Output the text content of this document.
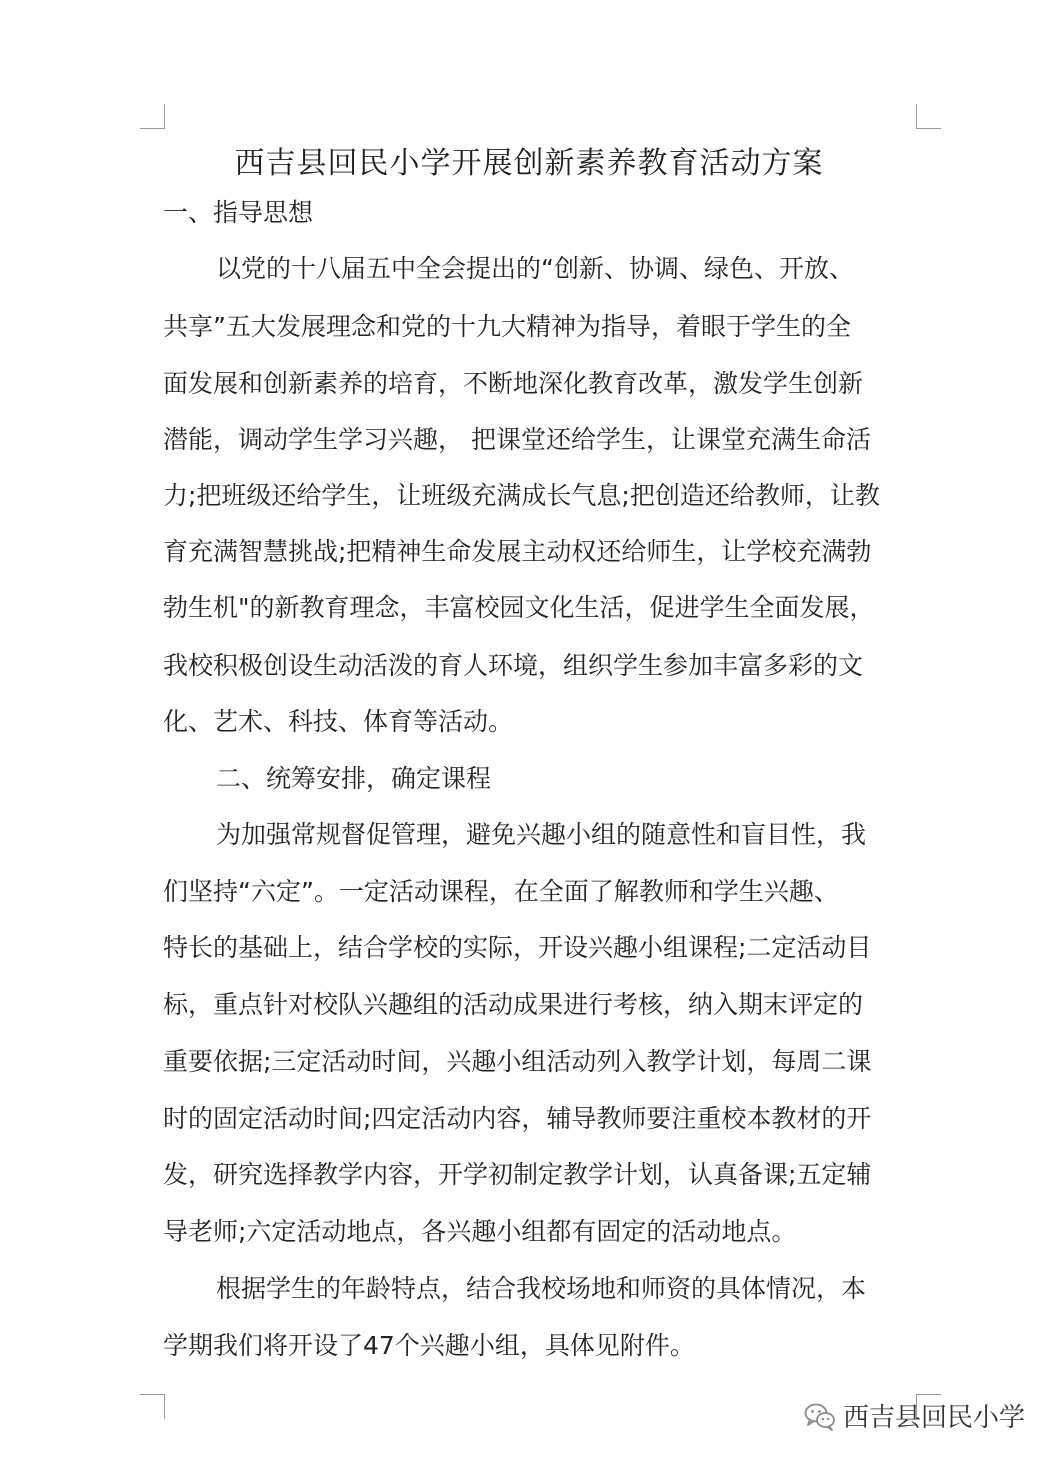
西吉县回民小学开展创新素养教育活动方案
一、指导思想
以党的十八届五中全会提出的“创新、协调、绿色、开放、
共享”五大发展理念和党的十九大精神为指导，着眼于学生的全
面发展和创新素养的培育，不断地深化教育改革，激发学生创新
潜能，调动学生学习兴趣， 把课堂还给学生，让课堂充满生命活
力;把班级还给学生，让班级充满成长气息;把创造还给教师，让教
育充满智慧挑战;把精神生命发展主动权还给师生，让学校充满勃
勃生机"的新教育理念，丰富校园文化生活，促进学生全面发展，
我校积极创设生动活泼的育人环境，组织学生参加丰富多彩的文
化、艺术、科技、体育等活动。
二、统筹安排，确定课程
为加强常规督促管理，避免兴趣小组的随意性和盲目性，我
们坚持“六定”。一定活动课程，在全面了解教师和学生兴趣、
特长的基础上，结合学校的实际，开设兴趣小组课程;二定活动目
标，重点针对校队兴趣组的活动成果进行考核，纳入期末评定的
重要依据;三定活动时间，兴趣小组活动列入教学计划，每周二课
时的固定活动时间;四定活动内容，辅导教师要注重校本教材的开
发，研究选择教学内容，开学初制定教学计划，认真备课;五定辅
导老师;六定活动地点，各兴趣小组都有固定的活动地点。
根据学生的年龄特点，结合我校场地和师资的具体情况，本
学期我们将开设了47个兴趣小组，具体见附件。
西吉县回民小学
